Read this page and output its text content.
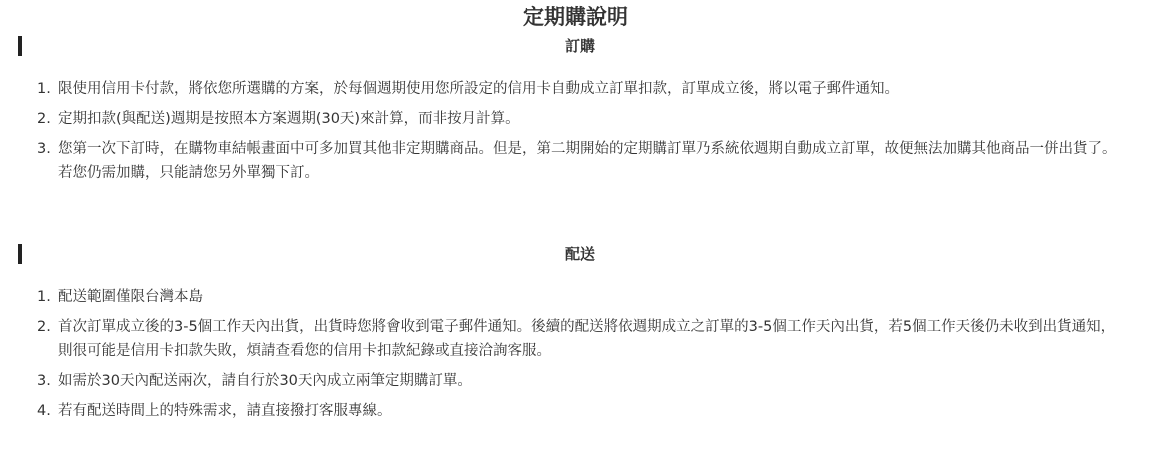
定期購說明
訂購
1. 限使用信用卡付款，將依您所選購的方案，於每個週期使用您所設定的信用卡自動成立訂單扣款，訂單成立後，將以電子郵件通知。
2. 定期扣款(與配送)週期是按照本方案週期(30天)來計算，而非按月計算。
3. 您第一次下訂時，在購物車結帳畫面中可多加買其他非定期購商品。但是，第二期開始的定期購訂單乃系統依週期自動成立訂單，故便無法加購其他商品一併出貨了。若您仍需加購，只能請您另外單獨下訂。
配送
1. 配送範圍僅限台灣本島
2. 首次訂單成立後的3-5個工作天內出貨，出貨時您將會收到電子郵件通知。後續的配送將依週期成立之訂單的3-5個工作天內出貨，若5個工作天後仍未收到出貨通知，則很可能是信用卡扣款失敗，煩請查看您的信用卡扣款紀錄或直接洽詢客服。
3. 如需於30天內配送兩次，請自行於30天內成立兩筆定期購訂單。
4. 若有配送時間上的特殊需求，請直接撥打客服專線。
